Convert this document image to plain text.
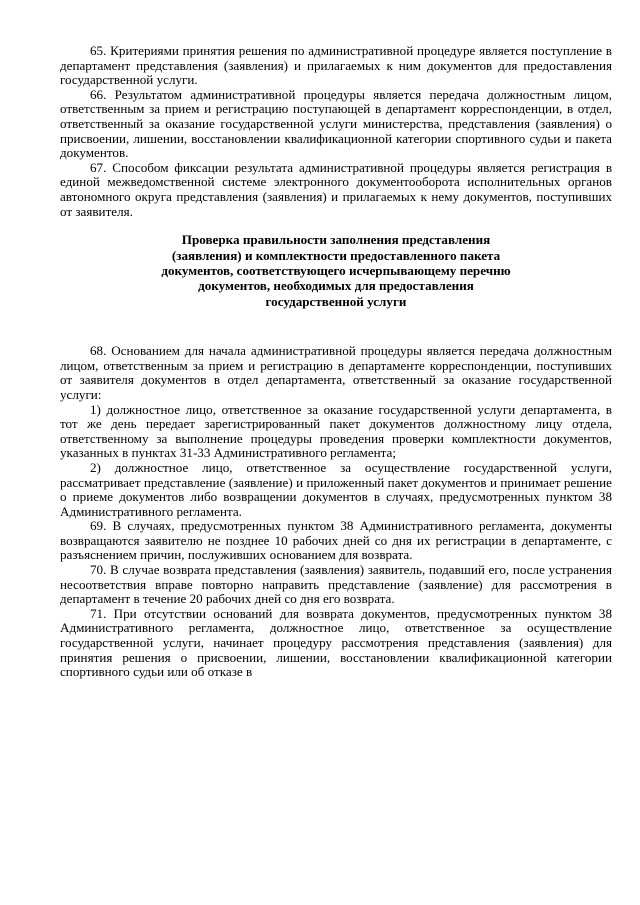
65. Критериями принятия решения по административной процедуре является поступление в департамент представления (заявления) и прилагаемых к ним документов для предоставления государственной услуги.

66. Результатом административной процедуры является передача должностным лицом, ответственным за прием и регистрацию поступающей в департамент корреспонденции, в отдел, ответственный за оказание государственной услуги министерства, представления (заявления) о присвоении, лишении, восстановлении квалификационной категории спортивного судьи и пакета документов.

67. Способом фиксации результата административной процедуры является регистрация в единой межведомственной системе электронного документооборота исполнительных органов автономного округа представления (заявления) и прилагаемых к нему документов, поступивших от заявителя.

Проверка правильности заполнения представления
(заявления) и комплектности предоставленного пакета
документов, соответствующего исчерпывающему перечню
документов, необходимых для предоставления
государственной услуги

68. Основанием для начала административной процедуры является передача должностным лицом, ответственным за прием и регистрацию в департаменте корреспонденции, поступивших от заявителя документов в отдел департамента, ответственный за оказание государственной услуги:

1) должностное лицо, ответственное за оказание государственной услуги департамента, в тот же день передает зарегистрированный пакет документов должностному лицу отдела, ответственному за выполнение процедуры проведения проверки комплектности документов, указанных в пунктах 31-33 Административного регламента;

2) должностное лицо, ответственное за осуществление государственной услуги, рассматривает представление (заявление) и приложенный пакет документов и принимает решение о приеме документов либо возвращении документов в случаях, предусмотренных пунктом 38 Административного регламента.

69. В случаях, предусмотренных пунктом 38 Административного регламента, документы возвращаются заявителю не позднее 10 рабочих дней со дня их регистрации в департаменте, с разъяснением причин, послуживших основанием для возврата.

70. В случае возврата представления (заявления) заявитель, подавший его, после устранения несоответствия вправе повторно направить представление (заявление) для рассмотрения в департамент в течение 20 рабочих дней со дня его возврата.

71. При отсутствии оснований для возврата документов, предусмотренных пунктом 38 Административного регламента, должностное лицо, ответственное за осуществление государственной услуги, начинает процедуру рассмотрения представления (заявления) для принятия решения о присвоении, лишении, восстановлении квалификационной категории спортивного судьи или об отказе в
